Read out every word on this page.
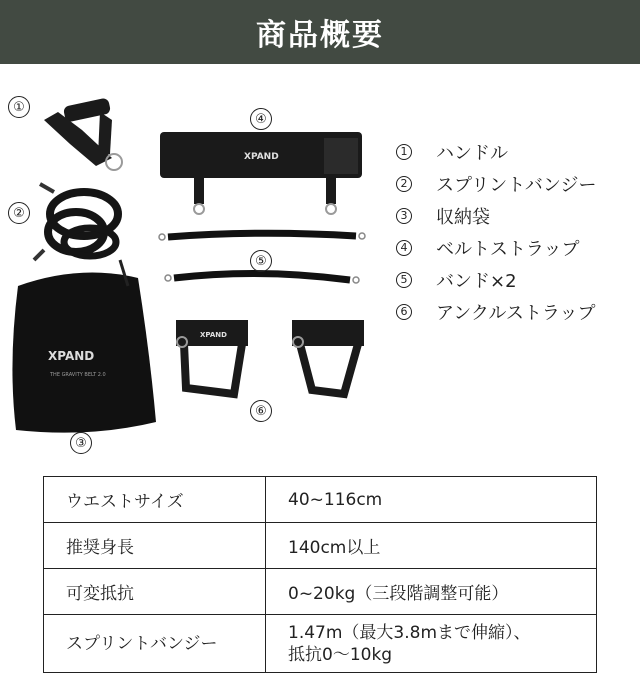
商品概要
XPAND
THE GRAVITY BELT 2.0
XPAND
XPAND
①
②
③
④
⑤
⑥
1 ハンドル
2 スプリントバンジー
3 収納袋
4 ベルトストラップ
5 バンド×2
6 アンクルストラップ
ウエストサイズ	40~116cm
推奨身長	140cm以上
可変抵抗	0~20kg（三段階調整可能）
スプリントバンジー	1.47m（最大3.8mまで伸縮）、
抵抗0〜10kg
